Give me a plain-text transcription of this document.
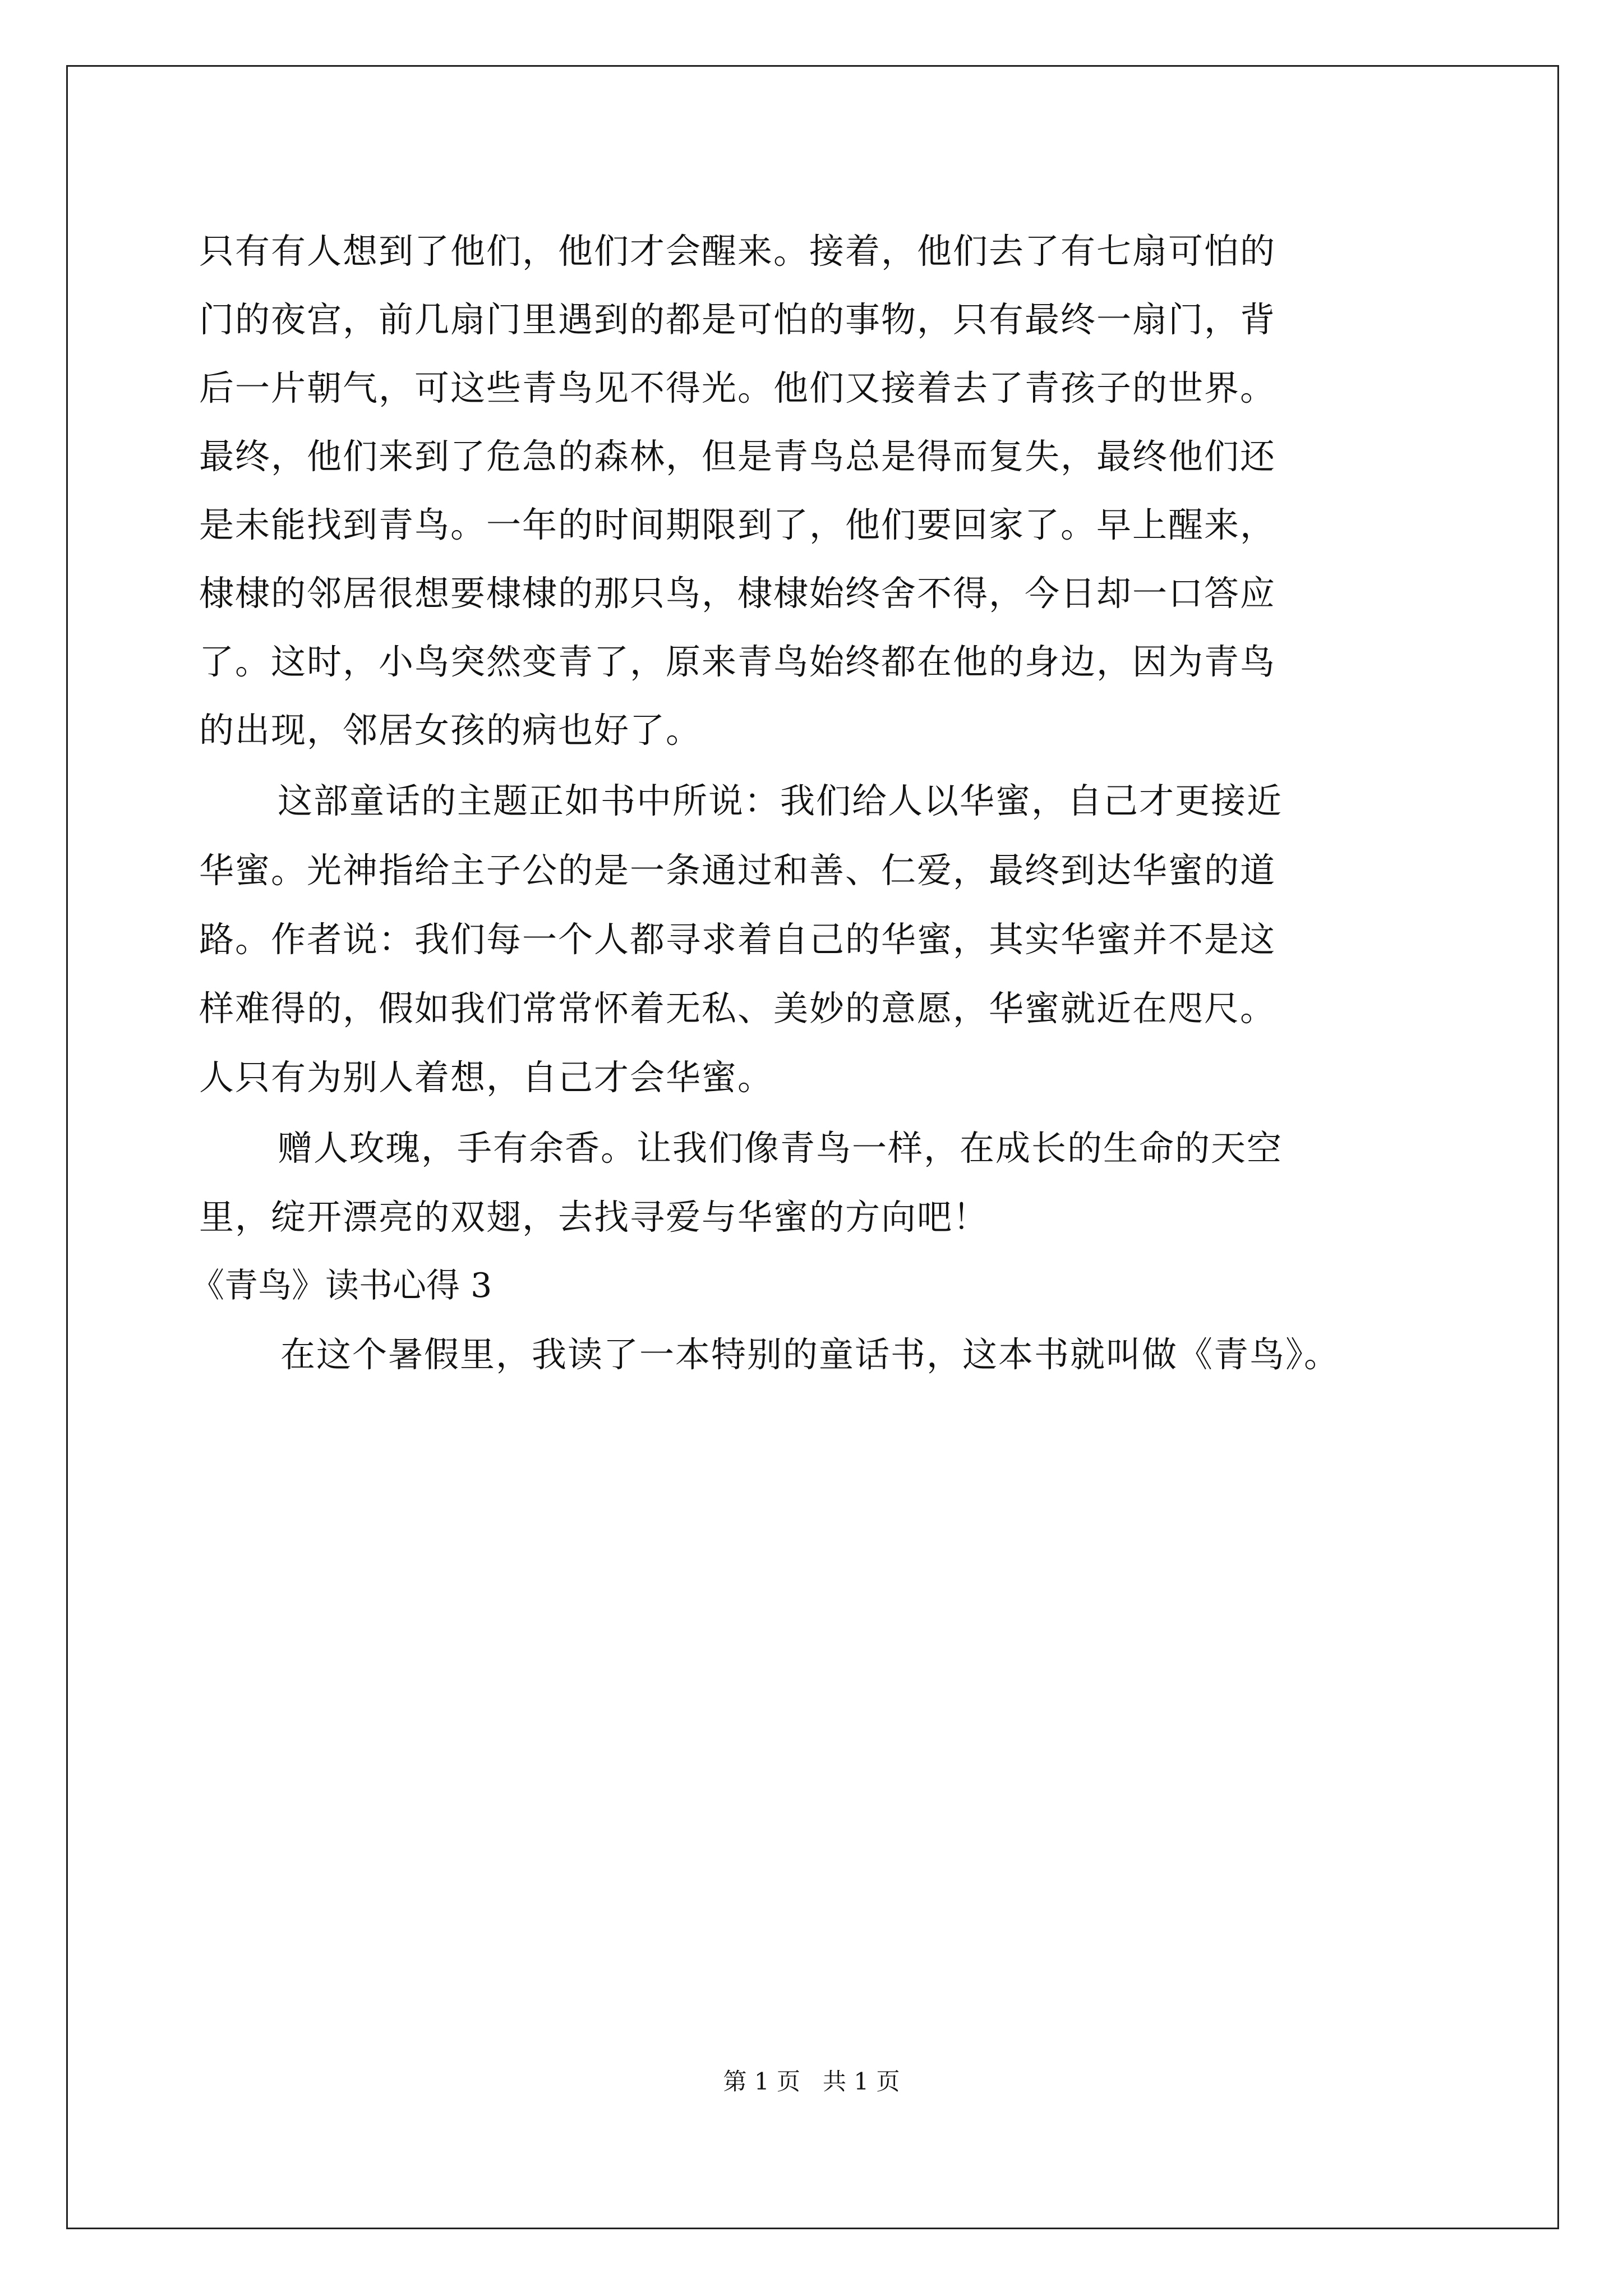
只有有人想到了他们，他们才会醒来。接着，他们去了有七扇可怕的
门的夜宫，前几扇门里遇到的都是可怕的事物，只有最终一扇门，背
后一片朝气，可这些青鸟见不得光。他们又接着去了青孩子的世界。
最终，他们来到了危急的森林，但是青鸟总是得而复失，最终他们还
是未能找到青鸟。一年的时间期限到了，他们要回家了。早上醒来，
棣棣的邻居很想要棣棣的那只鸟，棣棣始终舍不得，今日却一口答应
了。这时，小鸟突然变青了，原来青鸟始终都在他的身边，因为青鸟
的出现，邻居女孩的病也好了。
这部童话的主题正如书中所说：我们给人以华蜜，自己才更接近
华蜜。光神指给主子公的是一条通过和善、仁爱，最终到达华蜜的道
路。作者说：我们每一个人都寻求着自己的华蜜，其实华蜜并不是这
样难得的，假如我们常常怀着无私、美妙的意愿，华蜜就近在咫尺。
人只有为别人着想，自己才会华蜜。
赠人玫瑰，手有余香。让我们像青鸟一样，在成长的生命的天空
里，绽开漂亮的双翅，去找寻爱与华蜜的方向吧！
《青鸟》读书心得 3
在这个暑假里，我读了一本特别的童话书，这本书就叫做《青鸟》。
第 1 页   共 1 页
